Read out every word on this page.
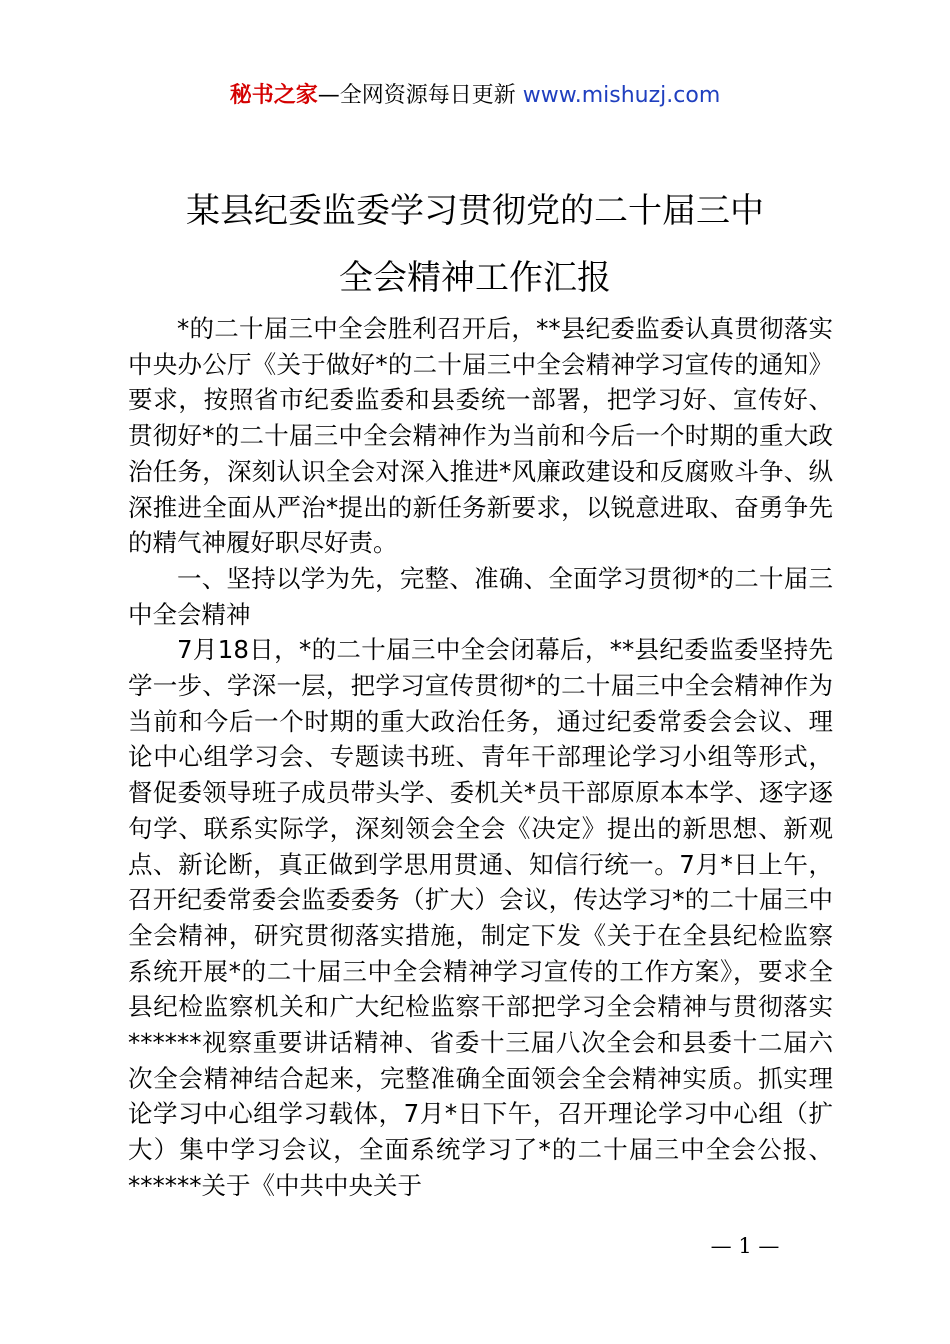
秘书之家—全网资源每日更新 www.mishuzj.com
某县纪委监委学习贯彻党的二十届三中
全会精神工作汇报

*的二十届三中全会胜利召开后，**县纪委监委认真贯彻落实中央办公厅《关于做好*的二十届三中全会精神学习宣传的通知》要求，按照省市纪委监委和县委统一部署，把学习好、宣传好、贯彻好*的二十届三中全会精神作为当前和今后一个时期的重大政治任务，深刻认识全会对深入推进*风廉政建设和反腐败斗争、纵深推进全面从严治*提出的新任务新要求，以锐意进取、奋勇争先的精气神履好职尽好责。

一、坚持以学为先，完整、准确、全面学习贯彻*的二十届三中全会精神

7月18日，*的二十届三中全会闭幕后，**县纪委监委坚持先学一步、学深一层，把学习宣传贯彻*的二十届三中全会精神作为当前和今后一个时期的重大政治任务，通过纪委常委会会议、理论中心组学习会、专题读书班、青年干部理论学习小组等形式，督促委领导班子成员带头学、委机关*员干部原原本本学、逐字逐句学、联系实际学，深刻领会全会《决定》提出的新思想、新观点、新论断，真正做到学思用贯通、知信行统一。7月*日上午，召开纪委常委会监委委务（扩大）会议，传达学习*的二十届三中全会精神，研究贯彻落实措施，制定下发《关于在全县纪检监察系统开展*的二十届三中全会精神学习宣传的工作方案》，要求全县纪检监察机关和广大纪检监察干部把学习全会精神与贯彻落实******视察重要讲话精神、省委十三届八次全会和县委十二届六次全会精神结合起来，完整准确全面领会全会精神实质。抓实理论学习中心组学习载体，7月*日下午，召开理论学习中心组（扩大）集中学习会议，全面系统学习了*的二十届三中全会公报、******关于《中共中央关于

— 1 —
